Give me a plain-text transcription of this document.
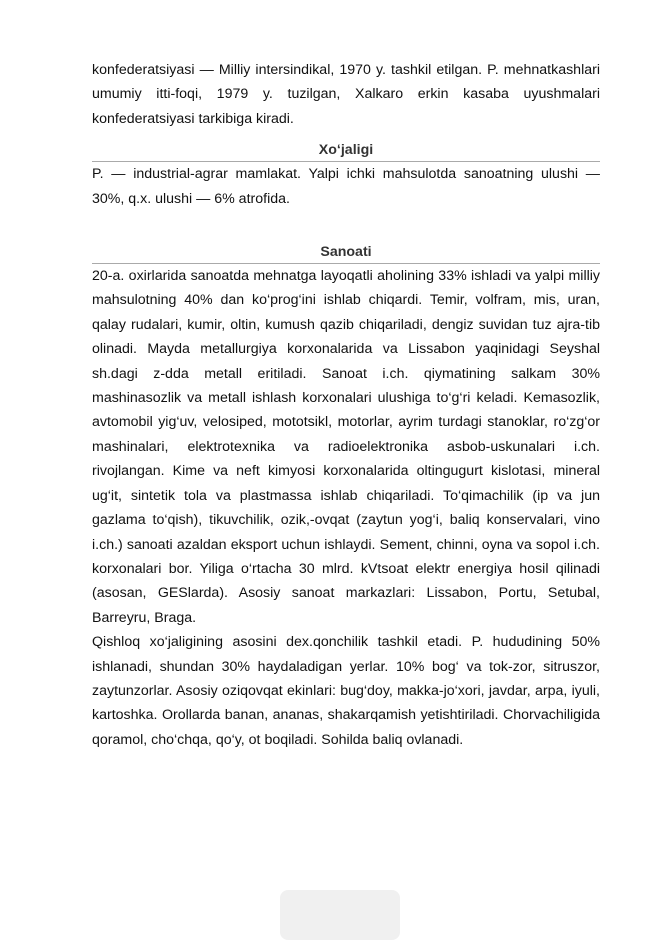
konfederatsiyasi — Milliy intersindikal, 1970 y. tashkil etilgan. P. mehnatkashlari umumiy itti-foqi, 1979 y. tuzilgan, Xalkaro erkin kasaba uyushmalari konfederatsiyasi tarkibiga kiradi.

Xo‘jaligi

P. — industrial-agrar mamlakat. Yalpi ichki mahsulotda sanoatning ulushi — 30%, q.x. ulushi — 6% atrofida.

Sanoati

20-a. oxirlarida sanoatda mehnatga layoqatli aholining 33% ishladi va yalpi milliy mahsulotning 40% dan ko‘prog‘ini ishlab chiqardi. Temir, volfram, mis, uran, qalay rudalari, kumir, oltin, kumush qazib chiqariladi, dengiz suvidan tuz ajra-tib olinadi. Mayda metallurgiya korxonalarida va Lissabon yaqinidagi Seyshal sh.dagi z-dda metall eritiladi. Sanoat i.ch. qiymatining salkam 30% mashinasozlik va metall ishlash korxonalari ulushiga to‘g‘ri keladi. Kemasozlik, avtomobil yig‘uv, velosiped, mototsikl, motorlar, ayrim turdagi stanoklar, ro‘zg‘or mashinalari, elektrotexnika va radioelektronika asbob-uskunalari i.ch. rivojlangan. Kime va neft kimyosi korxonalarida oltingugurt kislotasi, mineral ug‘it, sintetik tola va plastmassa ishlab chiqariladi. To‘qimachilik (ip va jun gazlama to‘qish), tikuvchilik, ozik,-ovqat (zaytun yog‘i, baliq konservalari, vino i.ch.) sanoati azaldan eksport uchun ishlaydi. Sement, chinni, oyna va sopol i.ch. korxonalari bor. Yiliga o‘rtacha 30 mlrd. kVtsoat elektr energiya hosil qilinadi (asosan, GESlarda). Asosiy sanoat markazlari: Lissabon, Portu, Setubal, Barreyru, Braga.

Qishloq xo‘jaligining asosini dex.qonchilik tashkil etadi. P. hududining 50% ishlanadi, shundan 30% haydaladigan yerlar. 10% bog‘ va tok-zor, sitruszor, zaytunzorlar. Asosiy oziqovqat ekinlari: bug‘doy, makka-jo‘xori, javdar, arpa, iyuli, kartoshka. Orollarda banan, ananas, shakarqamish yetishtiriladi. Chorvachiligida qoramol, cho‘chqa, qo‘y, ot boqiladi. Sohilda baliq ovlanadi.
